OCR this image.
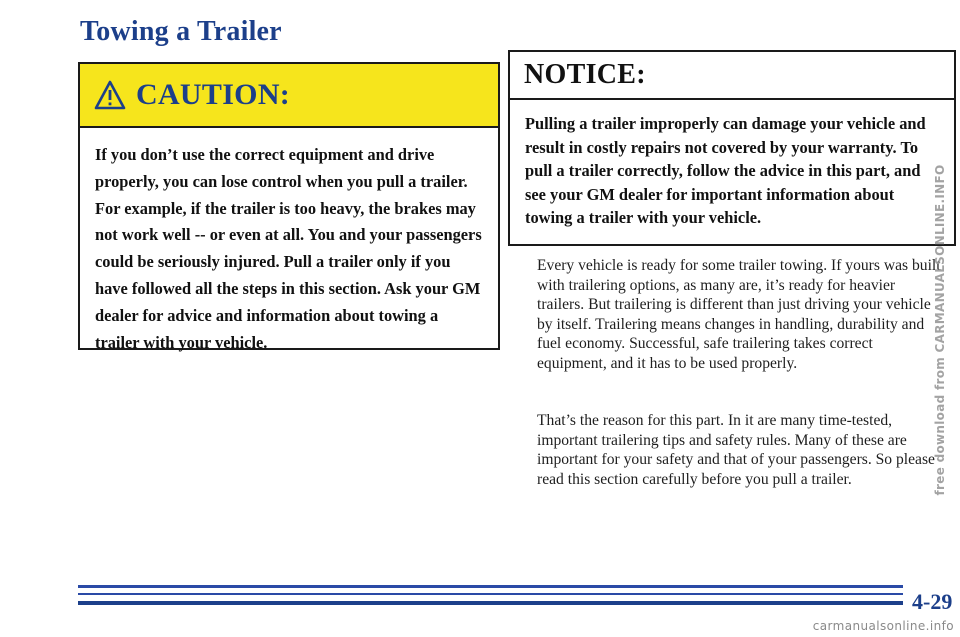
Towing a Trailer
CAUTION:
If you don’t use the correct equipment and drive properly, you can lose control when you pull a trailer. For example, if the trailer is too heavy, the brakes may not work well -- or even at all. You and your passengers could be seriously injured. Pull a trailer only if you have followed all the steps in this section. Ask your GM dealer for advice and information about towing a trailer with your vehicle.
NOTICE:
Pulling a trailer improperly can damage your vehicle and result in costly repairs not covered by your warranty. To pull a trailer correctly, follow the advice in this part, and see your GM dealer for important information about towing a trailer with your vehicle.
Every vehicle is ready for some trailer towing. If yours was built with trailering options, as many are, it’s ready for heavier trailers. But trailering is different than just driving your vehicle by itself. Trailering means changes in handling, durability and fuel economy. Successful, safe trailering takes correct equipment, and it has to be used properly.
That’s the reason for this part. In it are many time-tested, important trailering tips and safety rules. Many of these are important for your safety and that of your passengers. So please read this section carefully before you pull a trailer.	free download from CARMANUALSONLINE.INFO
4-29
carmanualsonline.info
